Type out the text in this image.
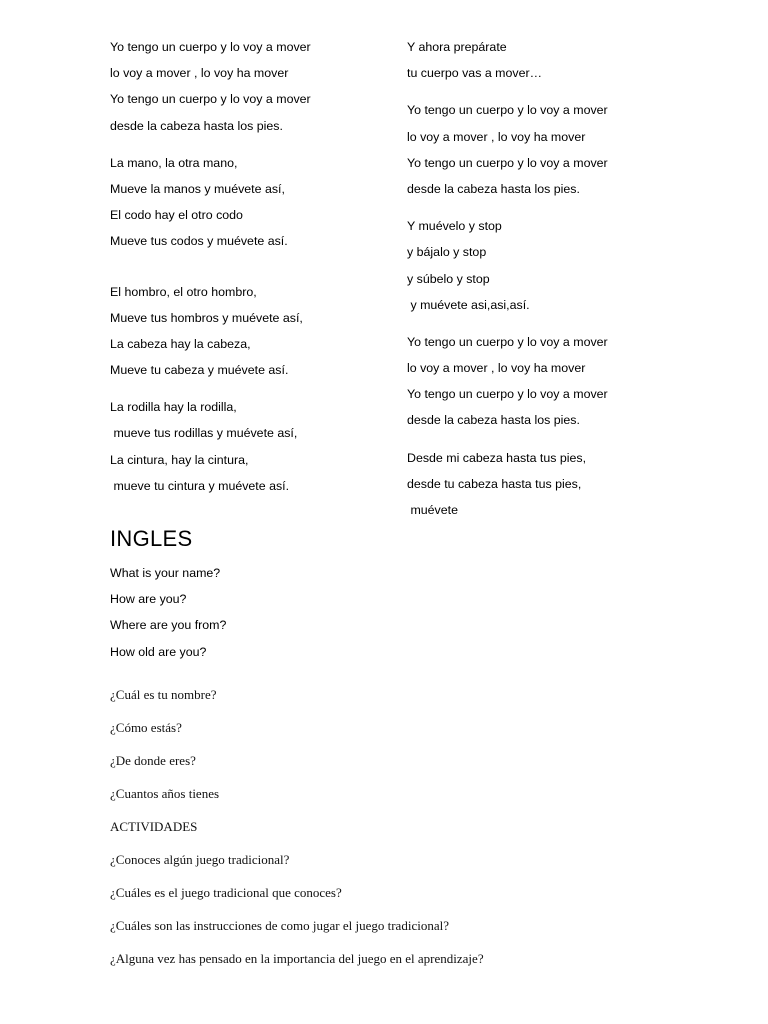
Yo tengo un cuerpo y lo voy a mover
lo voy a mover , lo voy ha mover
Yo tengo un cuerpo y lo voy a mover
desde la cabeza hasta los pies.
La mano, la otra mano,
Mueve la manos y muévete así,
El codo hay el otro codo
Mueve tus codos y muévete así.
El hombro, el otro hombro,
Mueve tus hombros y muévete así,
La cabeza hay la cabeza,
Mueve tu cabeza y muévete así.
La rodilla hay la rodilla,
mueve tus rodillas y muévete así,
La cintura, hay la cintura,
mueve tu cintura y muévete así.
Y ahora prepárate
tu cuerpo vas a mover…
Yo tengo un cuerpo y lo voy a mover
lo voy a mover , lo voy ha mover
Yo tengo un cuerpo y lo voy a mover
desde la cabeza hasta los pies.
Y muévelo y stop
y bájalo y stop
y súbelo y stop
y muévete asi,asi,así.
Yo tengo un cuerpo y lo voy a mover
lo voy a mover , lo voy ha mover
Yo tengo un cuerpo y lo voy a mover
desde la cabeza hasta los pies.
Desde mi cabeza hasta tus pies,
desde tu cabeza hasta tus pies,
muévete
INGLES
What is your name?
How are you?
Where are you from?
How old are you?
¿Cuál es tu nombre?
¿Cómo estás?
¿De donde eres?
¿Cuantos años tienes
ACTIVIDADES
¿Conoces algún juego tradicional?
¿Cuáles es el juego tradicional que conoces?
¿Cuáles son las instrucciones de como jugar el juego tradicional?
¿Alguna vez has pensado en la importancia del juego en el aprendizaje?
